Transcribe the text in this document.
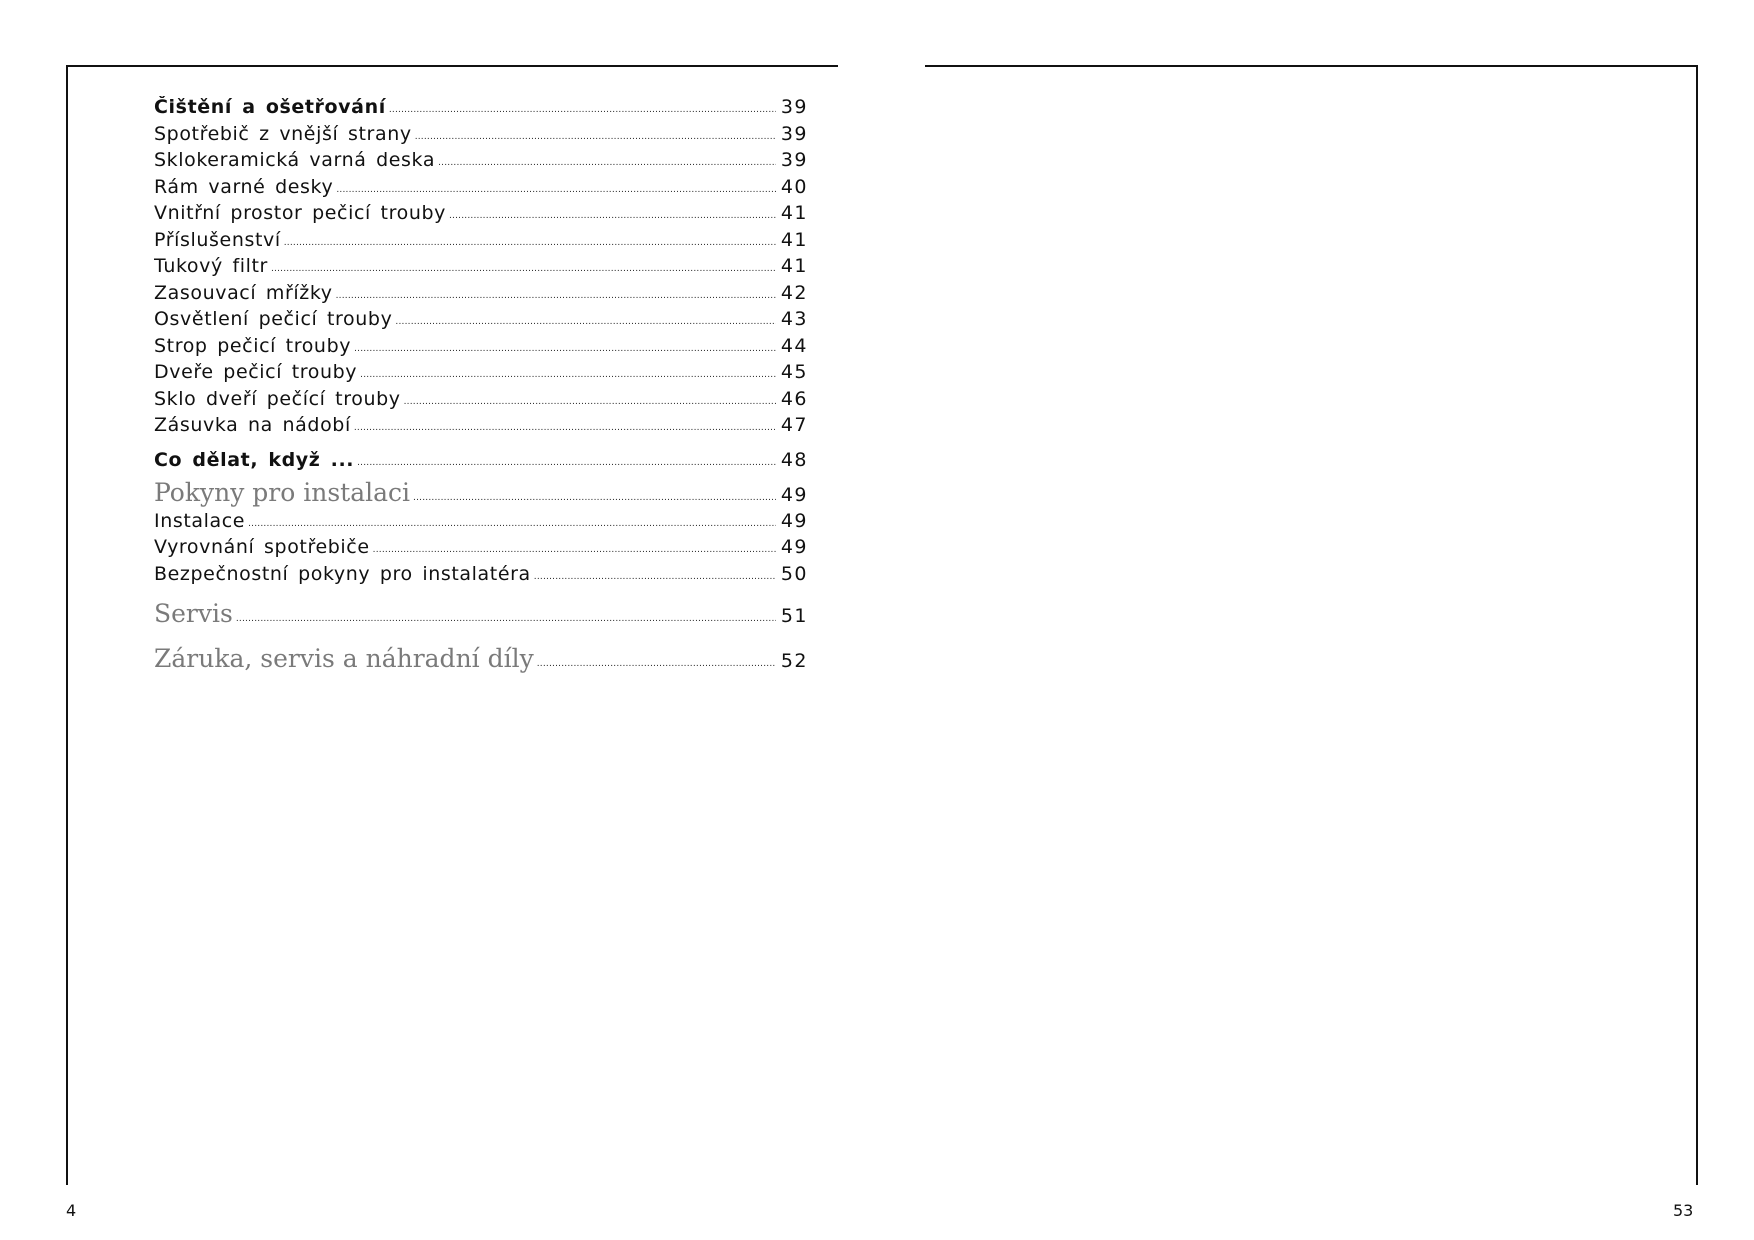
Čištění a ošetřování .....	39
Spotřebič z vnější strany .....	39
Sklokeramická varná deska .....	39
Rám varné desky .....	40
Vnitřní prostor pečicí trouby .....	41
Příslušenství .....	41
Tukový filtr .....	41
Zasouvací mřížky .....	42
Osvětlení pečicí trouby .....	43
Strop pečicí trouby .....	44
Dveře pečicí trouby .....	45
Sklo dveří pečící trouby .....	46
Zásuvka na nádobí .....	47
Co dělat, když ... .....	48
Pokyny pro instalaci .....	49
Instalace .....	49
Vyrovnání spotřebiče .....	49
Bezpečnostní pokyny pro instalatéra .....	50
Servis .....	51
Záruka, servis a náhradní díly .....	52
4	53
